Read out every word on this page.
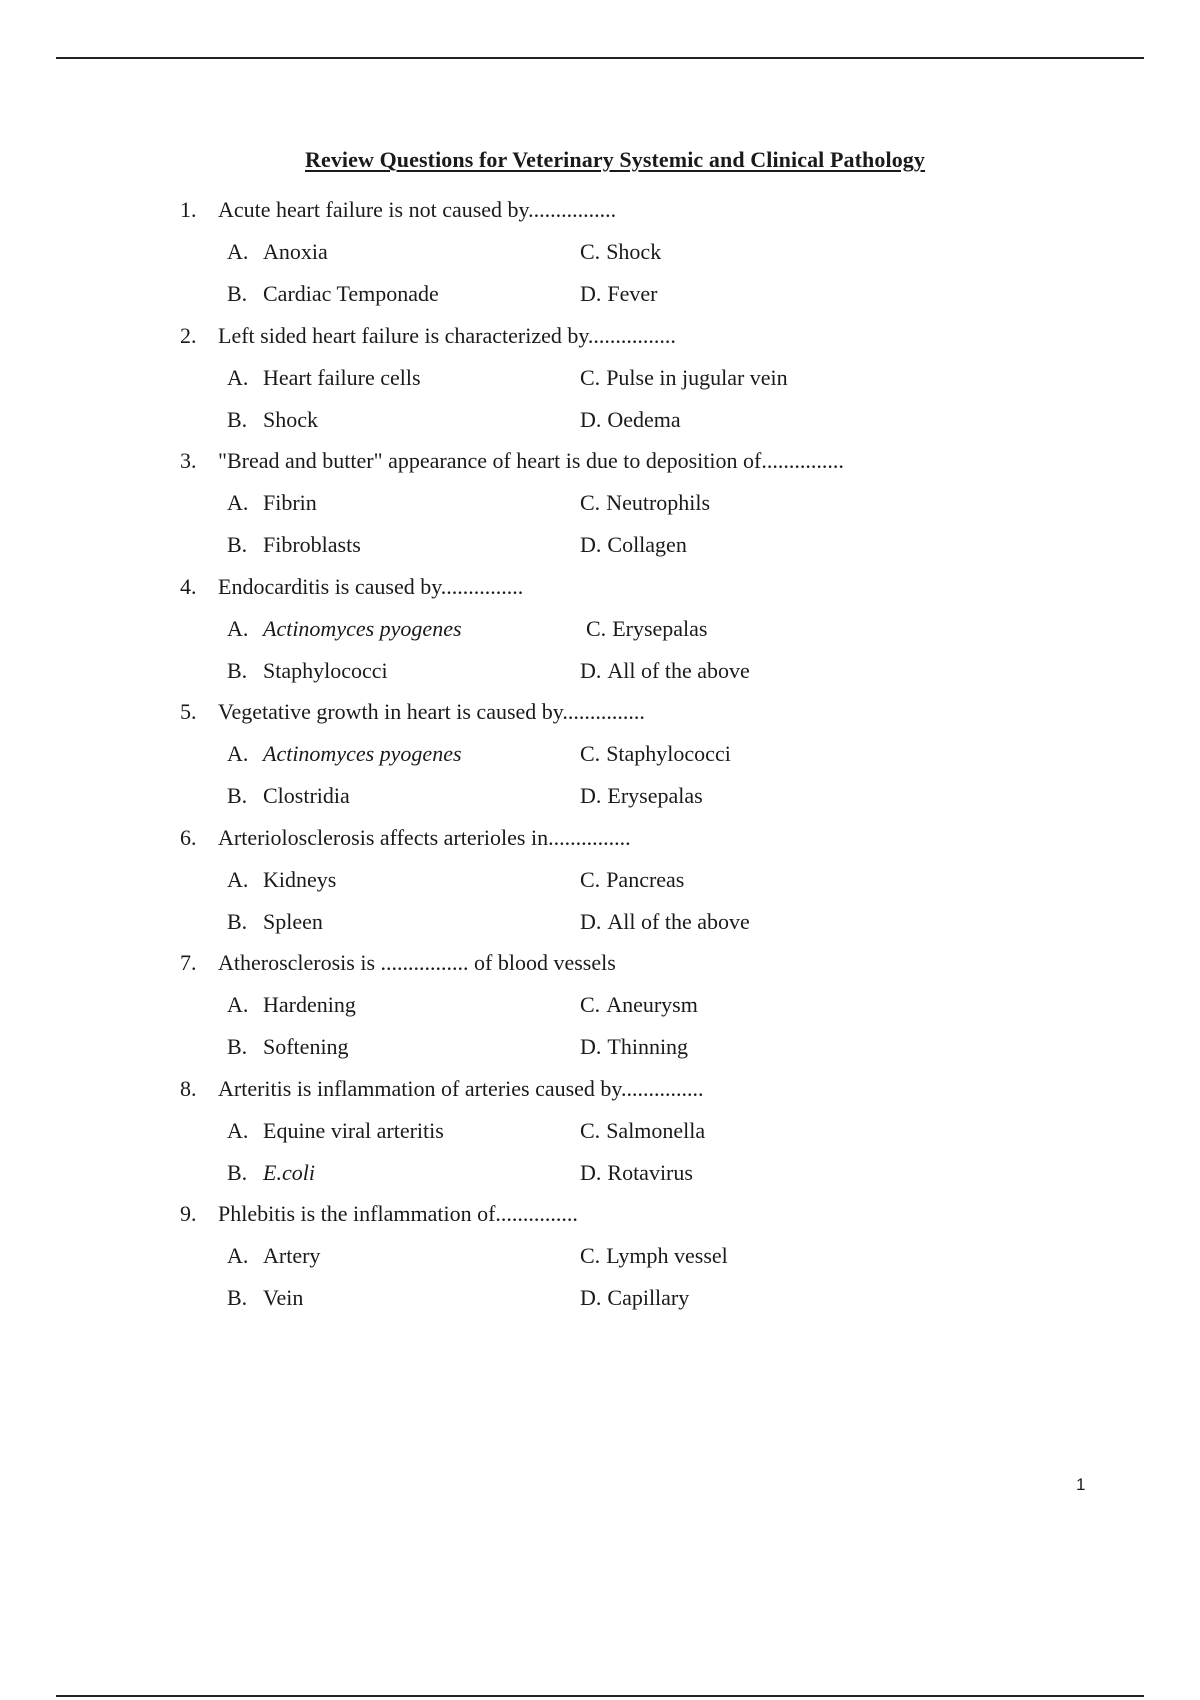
Review Questions for Veterinary Systemic and Clinical Pathology
1. Acute heart failure is not caused by................
A. Anoxia
B. Cardiac Temponade
C. Shock
D. Fever
2. Left sided heart failure is characterized by................
A. Heart failure cells
B. Shock
C. Pulse in jugular vein
D. Oedema
3. "Bread and butter" appearance of heart is due to deposition of...............
A. Fibrin
B. Fibroblasts
C. Neutrophils
D. Collagen
4. Endocarditis is caused by...............
A. Actinomyces pyogenes
B. Staphylococci
C. Erysepalas
D. All of the above
5. Vegetative growth in heart is caused by...............
A. Actinomyces pyogenes
B. Clostridia
C. Staphylococci
D. Erysepalas
6. Arteriolosclerosis affects arterioles in...............
A. Kidneys
B. Spleen
C. Pancreas
D. All of the above
7. Atherosclerosis is ................ of blood vessels
A. Hardening
B. Softening
C. Aneurysm
D. Thinning
8. Arteritis is inflammation of arteries caused by...............
A. Equine viral arteritis
B. E.coli
C. Salmonella
D. Rotavirus
9. Phlebitis is the inflammation of...............
A. Artery
B. Vein
C. Lymph vessel
D. Capillary
1
